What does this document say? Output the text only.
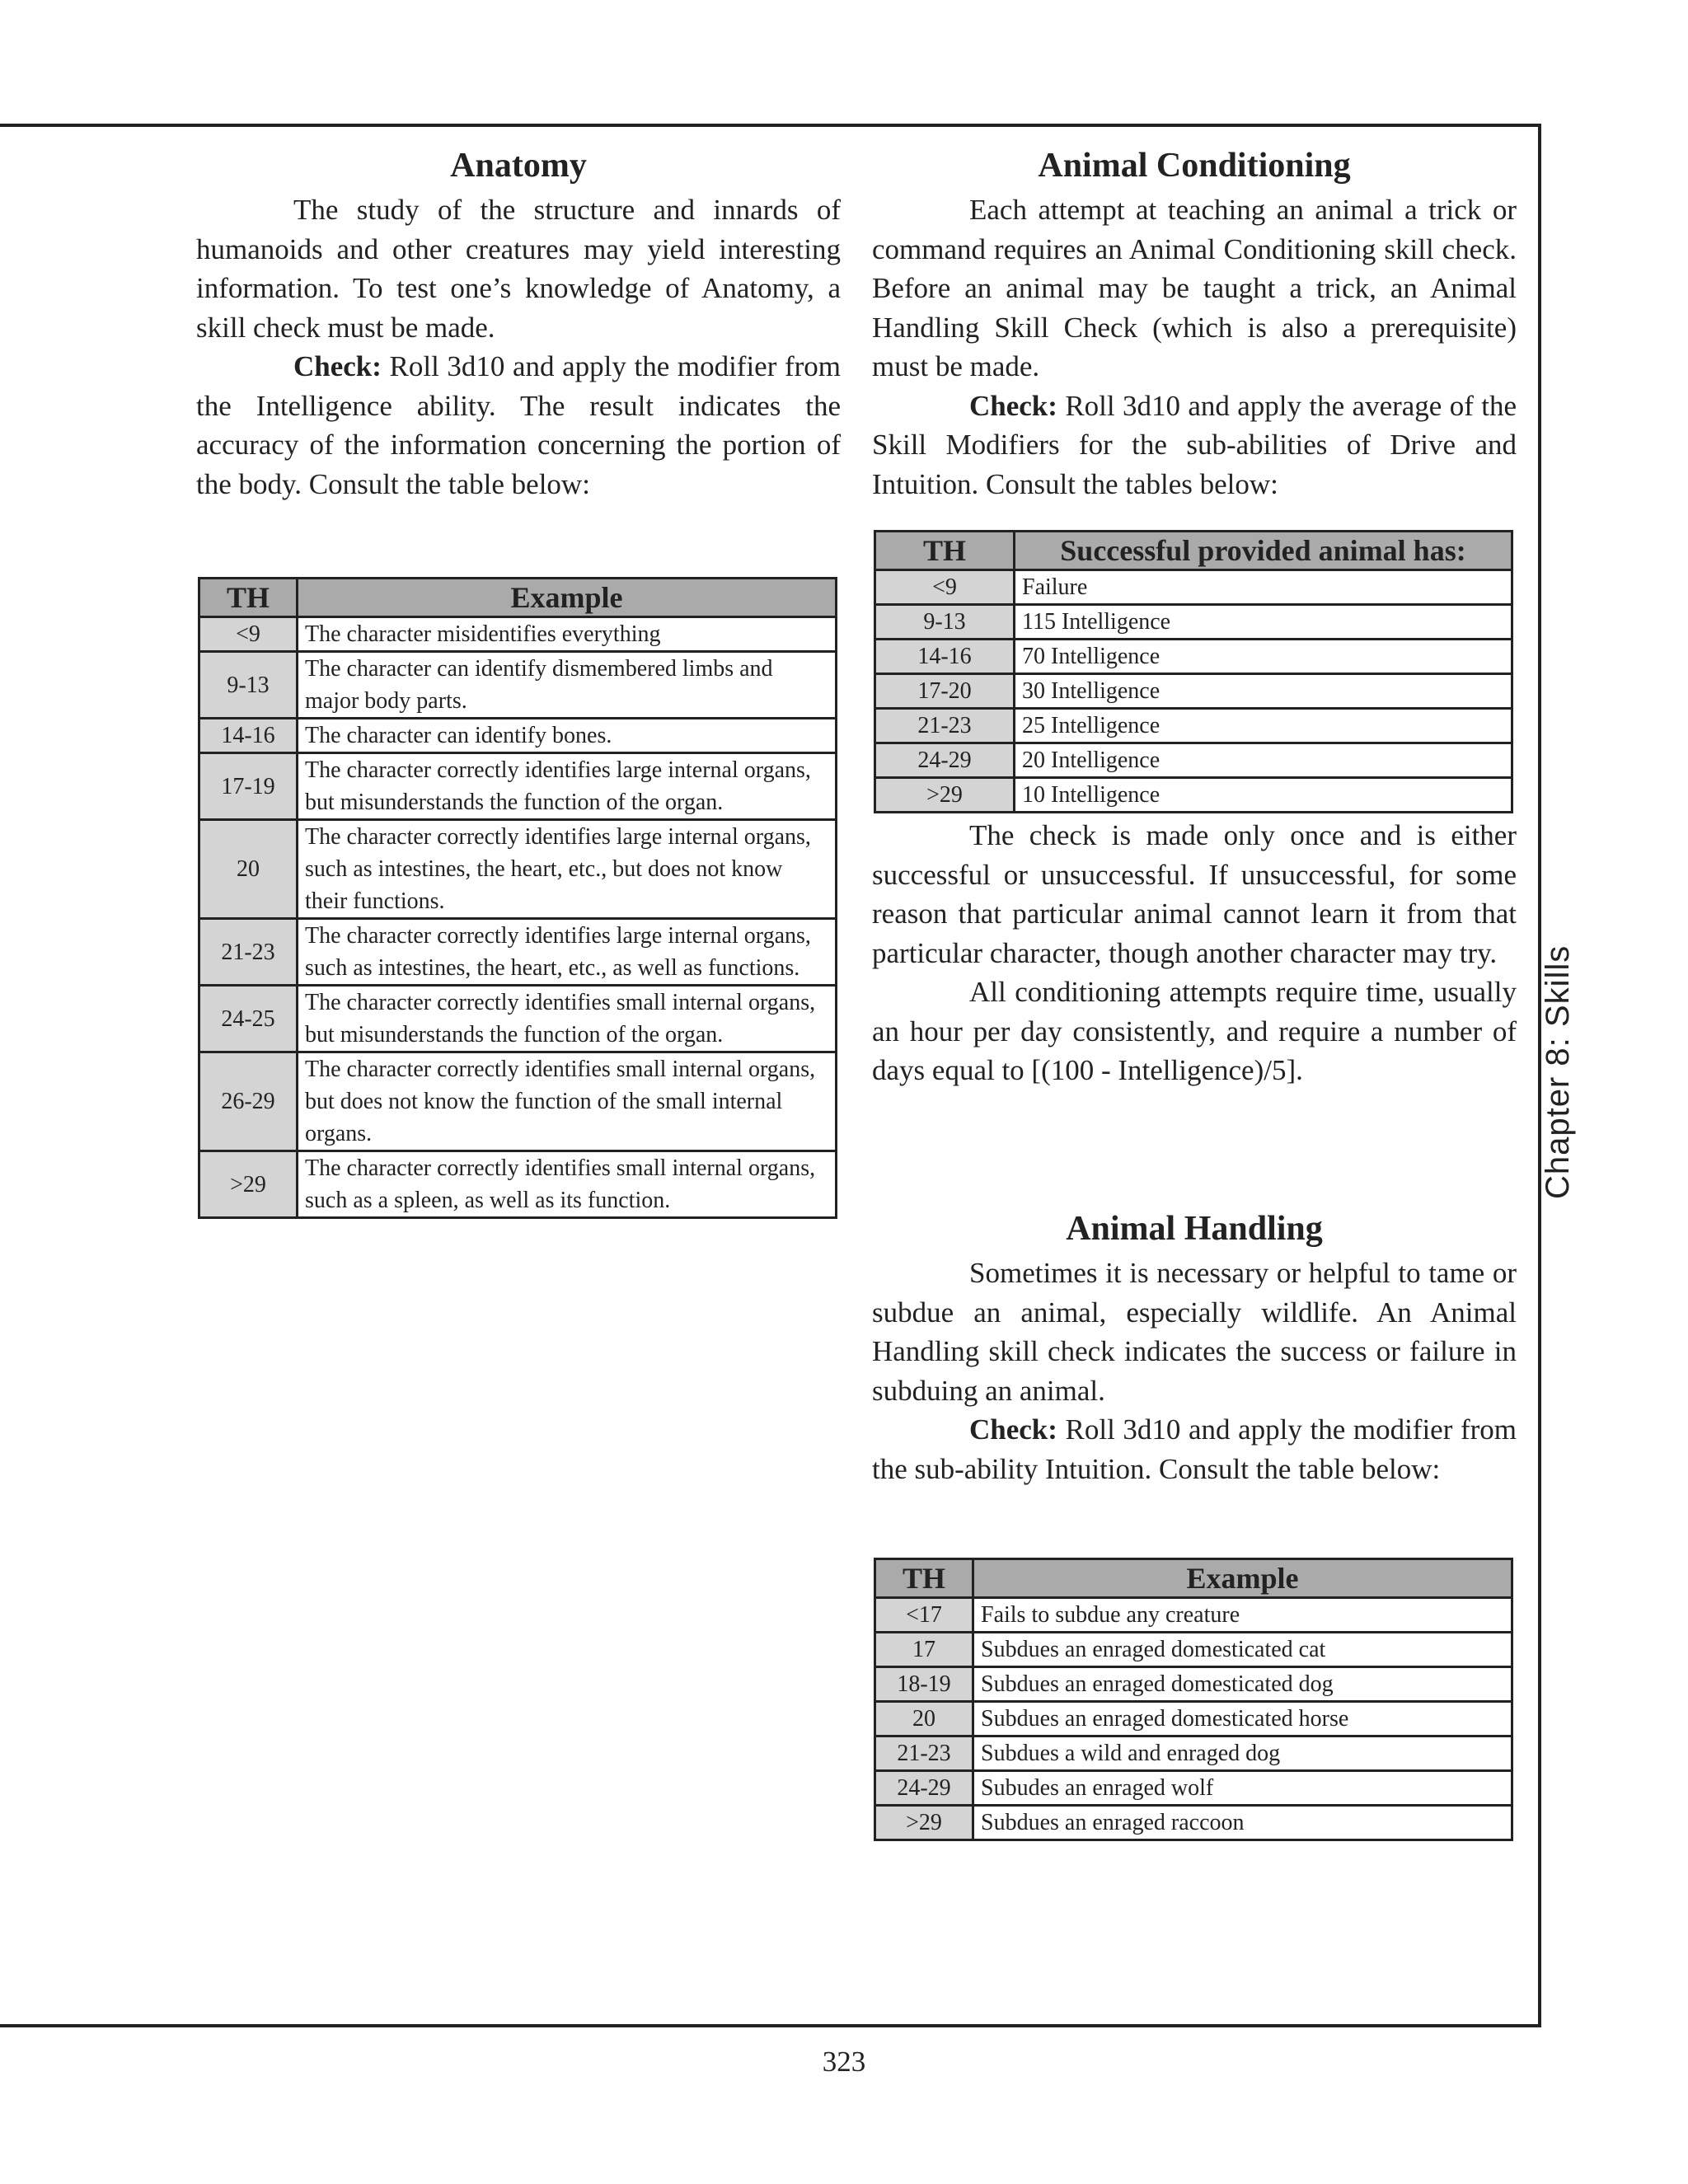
Anatomy

The study of the structure and innards of humanoids and other creatures may yield interesting information. To test one’s knowledge of Anatomy, a skill check must be made.

Check: Roll 3d10 and apply the modifier from the Intelligence ability. The result indicates the accuracy of the information concerning the portion of the body. Consult the table below:

TH	Example
<9	The character misidentifies everything
9-13	The character can identify dismembered limbs and major body parts.
14-16	The character can identify bones.
17-19	The character correctly identifies large internal organs, but misunderstands the function of the organ.
20	The character correctly identifies large internal organs, such as intestines, the heart, etc., but does not know their functions.
21-23	The character correctly identifies large internal organs, such as intestines, the heart, etc., as well as functions.
24-25	The character correctly identifies small internal organs, but misunderstands the function of the organ.
26-29	The character correctly identifies small internal organs, but does not know the function of the small internal organs.
>29	The character correctly identifies small internal organs, such as a spleen, as well as its function.
Animal Conditioning

Each attempt at teaching an animal a trick or command requires an Animal Conditioning skill check. Before an animal may be taught a trick, an Animal Handling Skill Check (which is also a prerequisite) must be made.

Check: Roll 3d10 and apply the average of the Skill Modifiers for the sub-abilities of Drive and Intuition. Consult the tables below:

TH	Successful provided animal has:
<9	Failure
9-13	115 Intelligence
14-16	70 Intelligence
17-20	30 Intelligence
21-23	25 Intelligence
24-29	20 Intelligence
>29	10 Intelligence

The check is made only once and is either successful or unsuccessful. If unsuccessful, for some reason that particular animal cannot learn it from that particular character, though another character may try.

All conditioning attempts require time, usually an hour per day consistently, and require a number of days equal to [(100 - Intelligence)/5].

Animal Handling

Sometimes it is necessary or helpful to tame or subdue an animal, especially wildlife. An Animal Handling skill check indicates the success or failure in subduing an animal.

Check: Roll 3d10 and apply the modifier from the sub-ability Intuition. Consult the table below:

TH	Example
<17	Fails to subdue any creature
17	Subdues an enraged domesticated cat
18-19	Subdues an enraged domesticated dog
20	Subdues an enraged domesticated horse
21-23	Subdues a wild and enraged dog
24-29	Subudes an enraged wolf
>29	Subdues an enraged raccoon
Chapter 8: Skills
323
